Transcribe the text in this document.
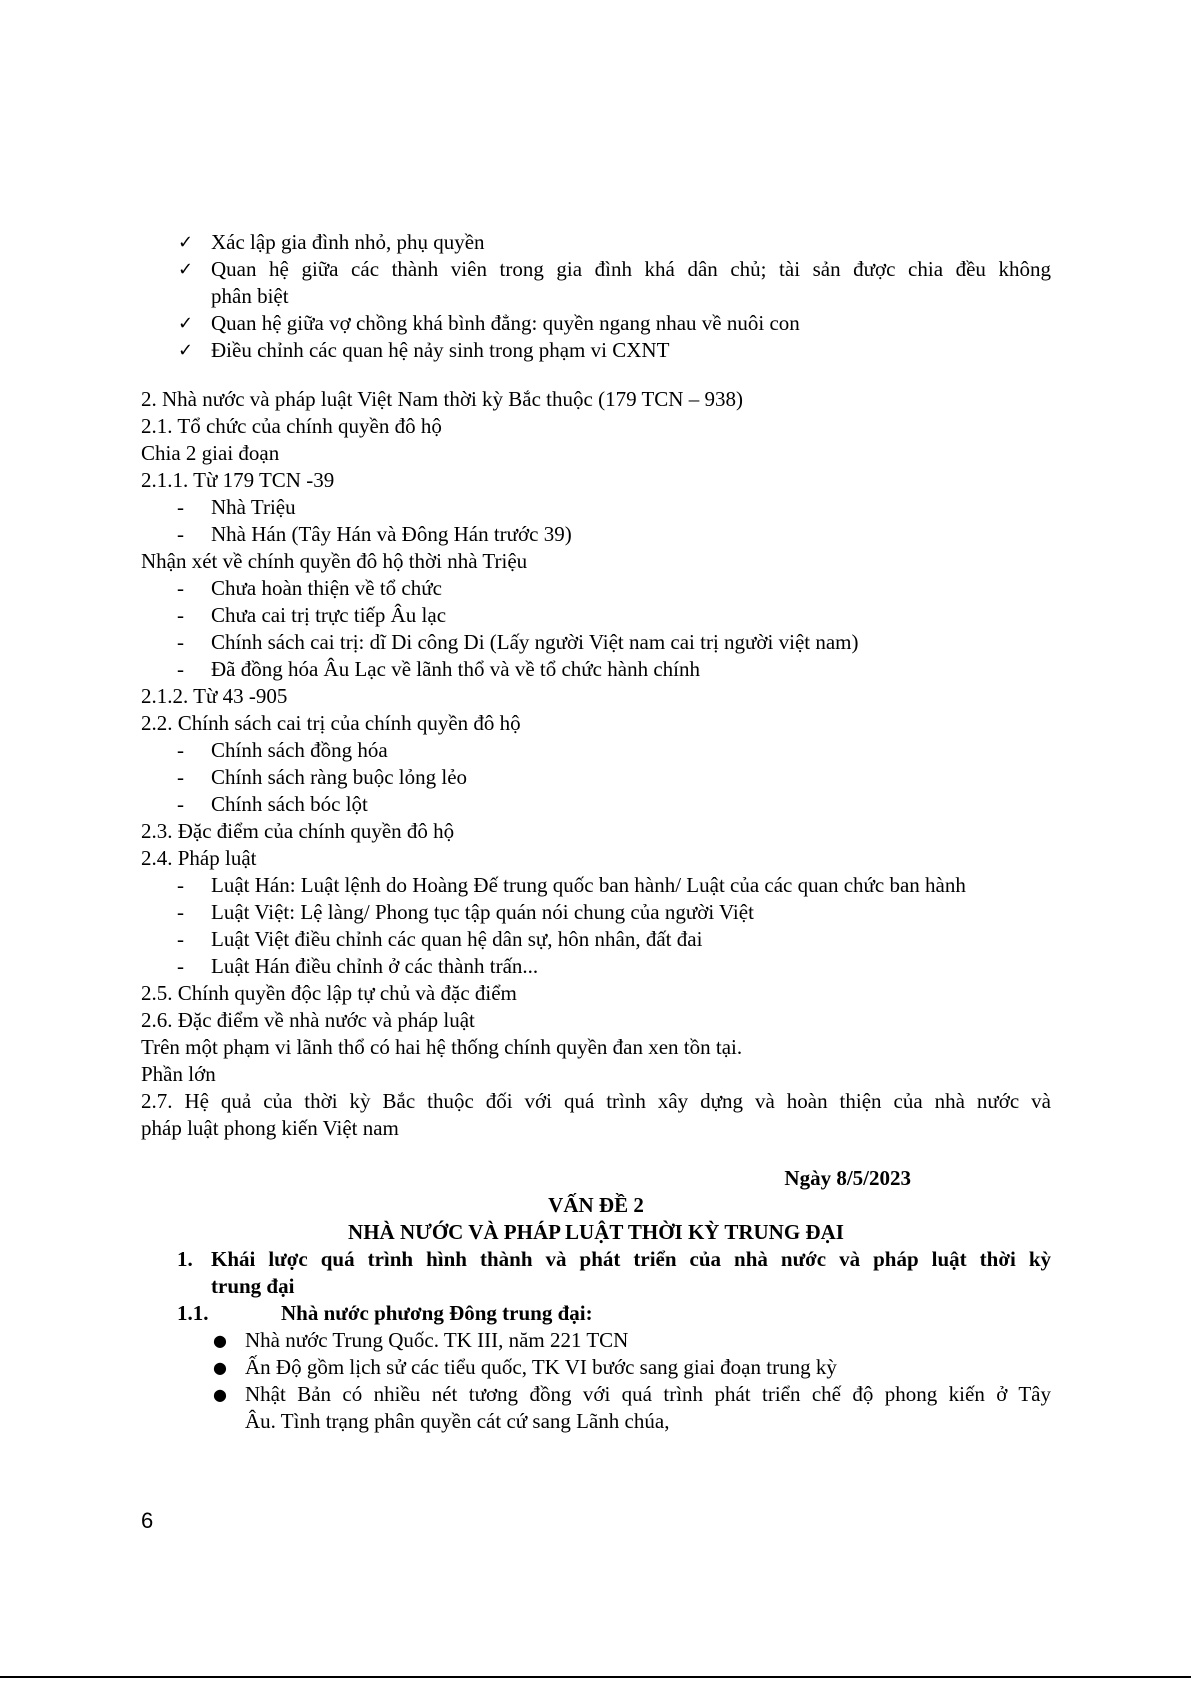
✓ Xác lập gia đình nhỏ, phụ quyền
✓ Quan hệ giữa các thành viên trong gia đình khá dân chủ; tài sản được chia đều không
phân biệt
✓ Quan hệ giữa vợ chồng khá bình đẳng: quyền ngang nhau về nuôi con
✓ Điều chỉnh các quan hệ nảy sinh trong phạm vi CXNT
2. Nhà nước và pháp luật Việt Nam thời kỳ Bắc thuộc (179 TCN – 938)
2.1. Tổ chức của chính quyền đô hộ
Chia 2 giai đoạn
2.1.1. Từ 179 TCN -39
- Nhà Triệu
- Nhà Hán (Tây Hán và Đông Hán trước 39)
Nhận xét về chính quyền đô hộ thời nhà Triệu
- Chưa hoàn thiện về tổ chức
- Chưa cai trị trực tiếp Âu lạc
- Chính sách cai trị: dĩ Di công Di (Lấy người Việt nam cai trị người việt nam)
- Đã đồng hóa Âu Lạc về lãnh thổ và về tổ chức hành chính
2.1.2. Từ 43 -905
2.2. Chính sách cai trị của chính quyền đô hộ
- Chính sách đồng hóa
- Chính sách ràng buộc lỏng lẻo
- Chính sách bóc lột
2.3. Đặc điểm của chính quyền đô hộ
2.4. Pháp luật
- Luật Hán: Luật lệnh do Hoàng Đế trung quốc ban hành/ Luật của các quan chức ban hành
- Luật Việt: Lệ làng/ Phong tục tập quán nói chung của người Việt
- Luật Việt điều chỉnh các quan hệ dân sự, hôn nhân, đất đai
- Luật Hán điều chỉnh ở các thành trấn...
2.5. Chính quyền độc lập tự chủ và đặc điểm
2.6. Đặc điểm về nhà nước và pháp luật
Trên một phạm vi lãnh thổ có hai hệ thống chính quyền đan xen tồn tại.
Phần lớn
2.7. Hệ quả của thời kỳ Bắc thuộc đối với quá trình xây dựng và hoàn thiện của nhà nước và
pháp luật phong kiến Việt nam
Ngày 8/5/2023
VẤN ĐỀ 2
NHÀ NƯỚC VÀ PHÁP LUẬT THỜI KỲ TRUNG ĐẠI
1. Khái lược quá trình hình thành và phát triển của nhà nước và pháp luật thời kỳ
trung đại
1.1.	Nhà nước phương Đông trung đại:
● Nhà nước Trung Quốc. TK III, năm 221 TCN
● Ấn Độ gồm lịch sử các tiểu quốc, TK VI bước sang giai đoạn trung kỳ
● Nhật Bản có nhiều nét tương đồng với quá trình phát triển chế độ phong kiến ở Tây
Âu. Tình trạng phân quyền cát cứ sang Lãnh chúa,
6
